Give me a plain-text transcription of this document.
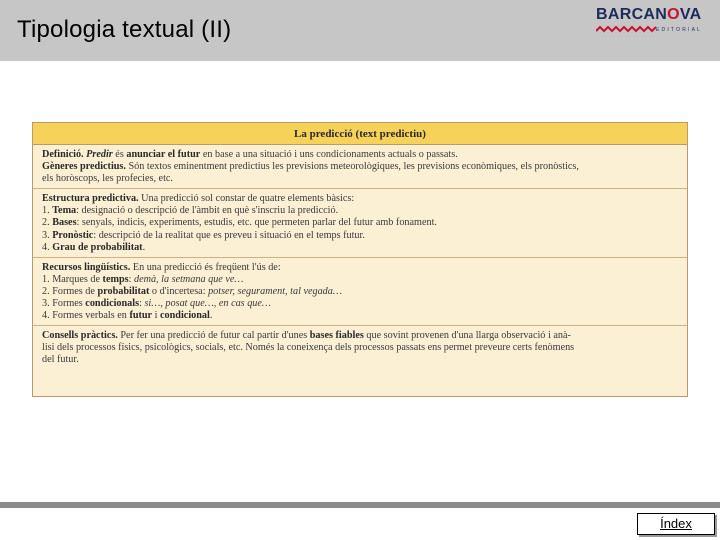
Tipologia textual (II)
BARCANOVA
EDITORIAL
La predicció (text predictiu)

Definició. Predir és anunciar el futur en base a una situació i uns condicionaments actuals o passats.

Gèneres predictius. Són textos eminentment predictius les previsions meteorològiques, les previsions econòmiques, els pronòstics,

els horòscops, les profecies, etc.

Estructura predictiva. Una predicció sol constar de quatre elements bàsics:

1. Tema: designació o descripció de l'àmbit en què s'inscriu la predicció.

2. Bases: senyals, indicis, experiments, estudis, etc. que permeten parlar del futur amb fonament.

3. Pronòstic: descripció de la realitat que es preveu i situació en el temps futur.

4. Grau de probabilitat.

Recursos lingüístics. En una predicció és freqüent l'ús de:

1. Marques de temps: demà, la setmana que ve…

2. Formes de probabilitat o d'incertesa: potser, segurament, tal vegada…

3. Formes condicionals: si…, posat que…, en cas que…

4. Formes verbals en futur i condicional.

Consells pràctics. Per fer una predicció de futur cal partir d'unes bases fiables que sovint provenen d'una llarga observació i anà-

lisi dels processos físics, psicològics, socials, etc. Només la coneixença dels processos passats ens permet preveure certs fenòmens

del futur.

Índex
